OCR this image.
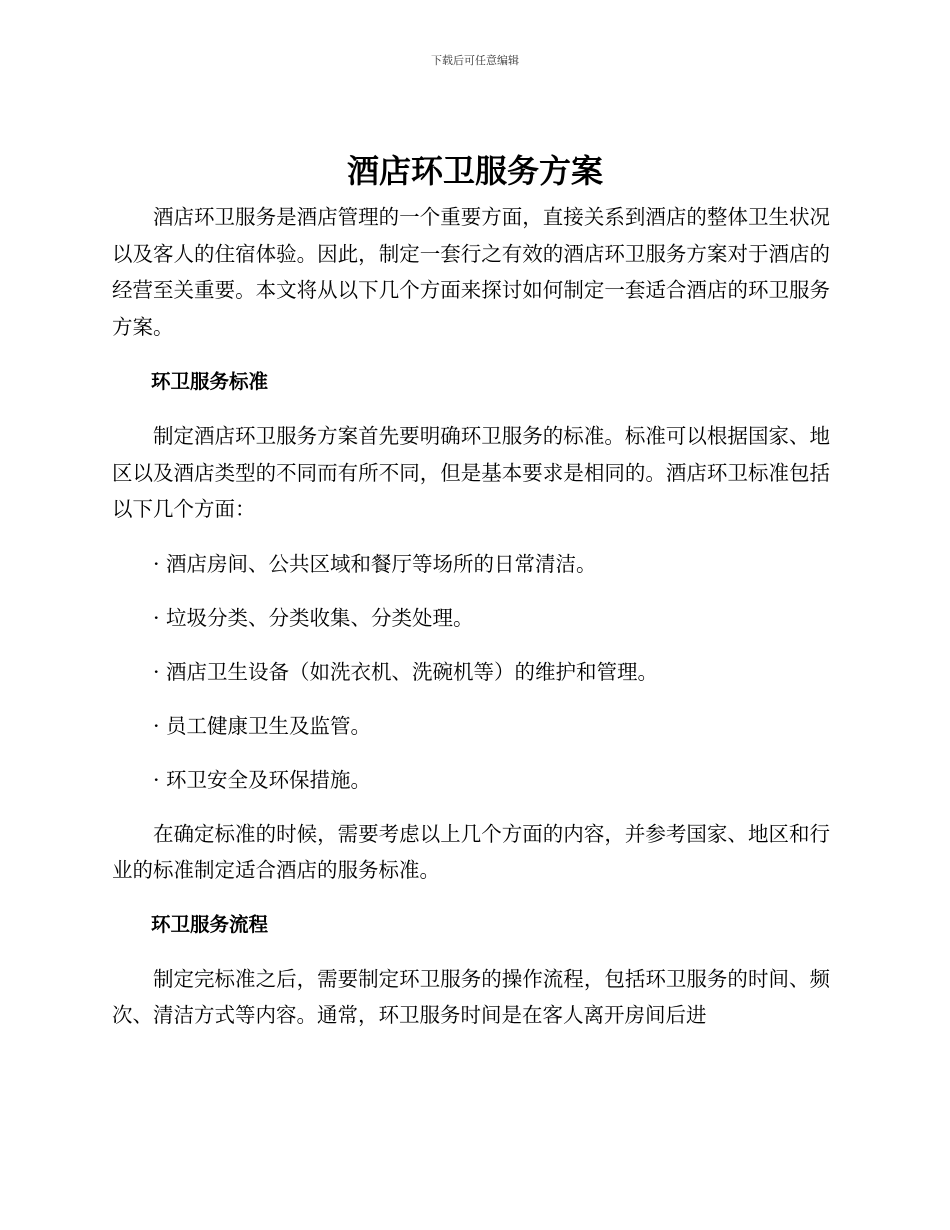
下载后可任意编辑
酒店环卫服务方案

酒店环卫服务是酒店管理的一个重要方面，直接关系到酒店的整体卫生状况以及客人的住宿体验。因此，制定一套行之有效的酒店环卫服务方案对于酒店的经营至关重要。本文将从以下几个方面来探讨如何制定一套适合酒店的环卫服务方案。

环卫服务标准

制定酒店环卫服务方案首先要明确环卫服务的标准。标准可以根据国家、地区以及酒店类型的不同而有所不同，但是基本要求是相同的。酒店环卫标准包括以下几个方面：

· 酒店房间、公共区域和餐厅等场所的日常清洁。

· 垃圾分类、分类收集、分类处理。

· 酒店卫生设备（如洗衣机、洗碗机等）的维护和管理。

· 员工健康卫生及监管。

· 环卫安全及环保措施。

在确定标准的时候，需要考虑以上几个方面的内容，并参考国家、地区和行业的标准制定适合酒店的服务标准。

环卫服务流程

制定完标准之后，需要制定环卫服务的操作流程，包括环卫服务的时间、频次、清洁方式等内容。通常，环卫服务时间是在客人离开房间后进
